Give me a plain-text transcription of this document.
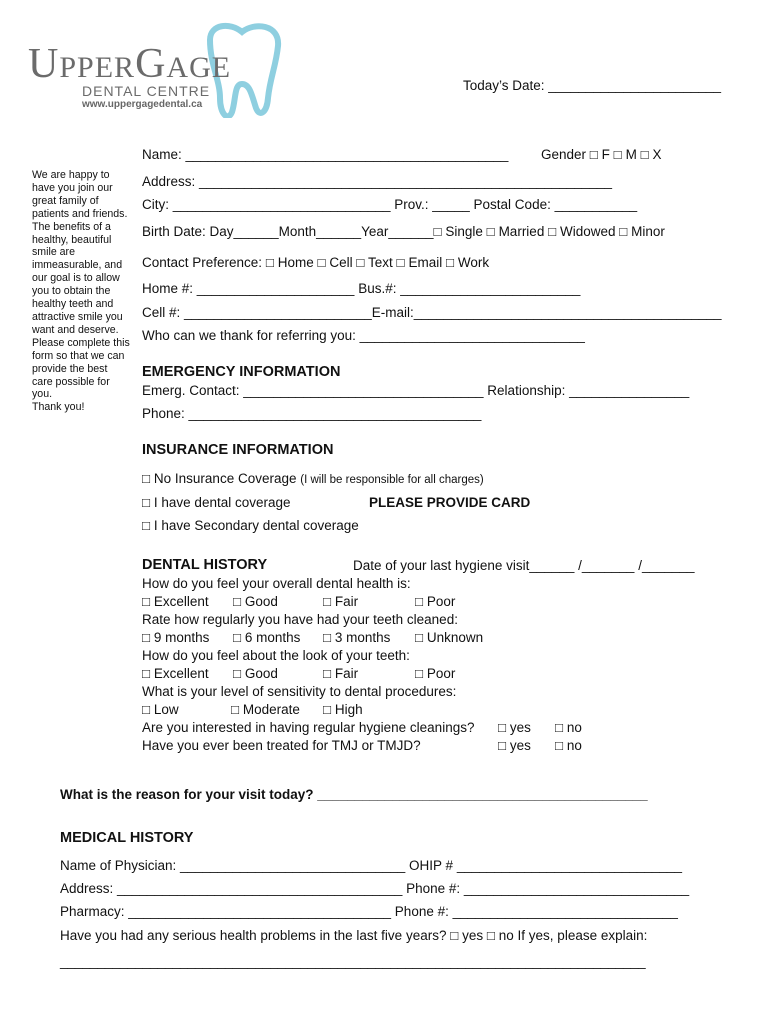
UPPERGAGE
DENTAL CENTRE
www.uppergagedental.ca
Today’s Date: _______________________
We are happy to have you join our great family of patients and friends. The benefits of a healthy, beautiful smile are immeasurable, and our goal is to allow you to obtain the healthy teeth and attractive smile you want and deserve. Please complete this form so that we can provide the best care possible for you.
Thank you!
Name: ___________________________________________ Gender □ F □ M □ X
Address: _______________________________________________________
City: _____________________________ Prov.: _____ Postal Code: ___________
Birth Date: Day______Month______Year______□ Single □ Married □ Widowed □ Minor
Contact Preference: □ Home □ Cell □ Text □ Email □ Work
Home #: _____________________ Bus.#: ________________________
Cell #: _________________________E-mail:_________________________________________
Who can we thank for referring you: ______________________________
EMERGENCY INFORMATION
Emerg. Contact: ________________________________ Relationship: ________________
Phone: _______________________________________
INSURANCE INFORMATION
□ No Insurance Coverage (I will be responsible for all charges)
□ I have dental coverage	PLEASE PROVIDE CARD
□ I have Secondary dental coverage
DENTAL HISTORY	Date of your last hygiene visit______ /_______ /_______
How do you feel your overall dental health is:
□ Excellent □ Good	□ Fair	□ Poor
Rate how regularly you have had your teeth cleaned:
□ 9 months □ 6 months □ 3 months □ Unknown
How do you feel about the look of your teeth:
□ Excellent □ Good	□ Fair	□ Poor
What is your level of sensitivity to dental procedures:
□ Low	□ Moderate □ High
Are you interested in having regular hygiene cleanings? □ yes □ no
Have you ever been treated for TMJ or TMJD?	□ yes □ no
What is the reason for your visit today? ____________________________________________
MEDICAL HISTORY
Name of Physician: ______________________________ OHIP # ______________________________
Address: ______________________________________ Phone #: ______________________________
Pharmacy: ___________________________________ Phone #: ______________________________
Have you had any serious health problems in the last five years? □ yes □ no If yes, please explain:
______________________________________________________________________________
